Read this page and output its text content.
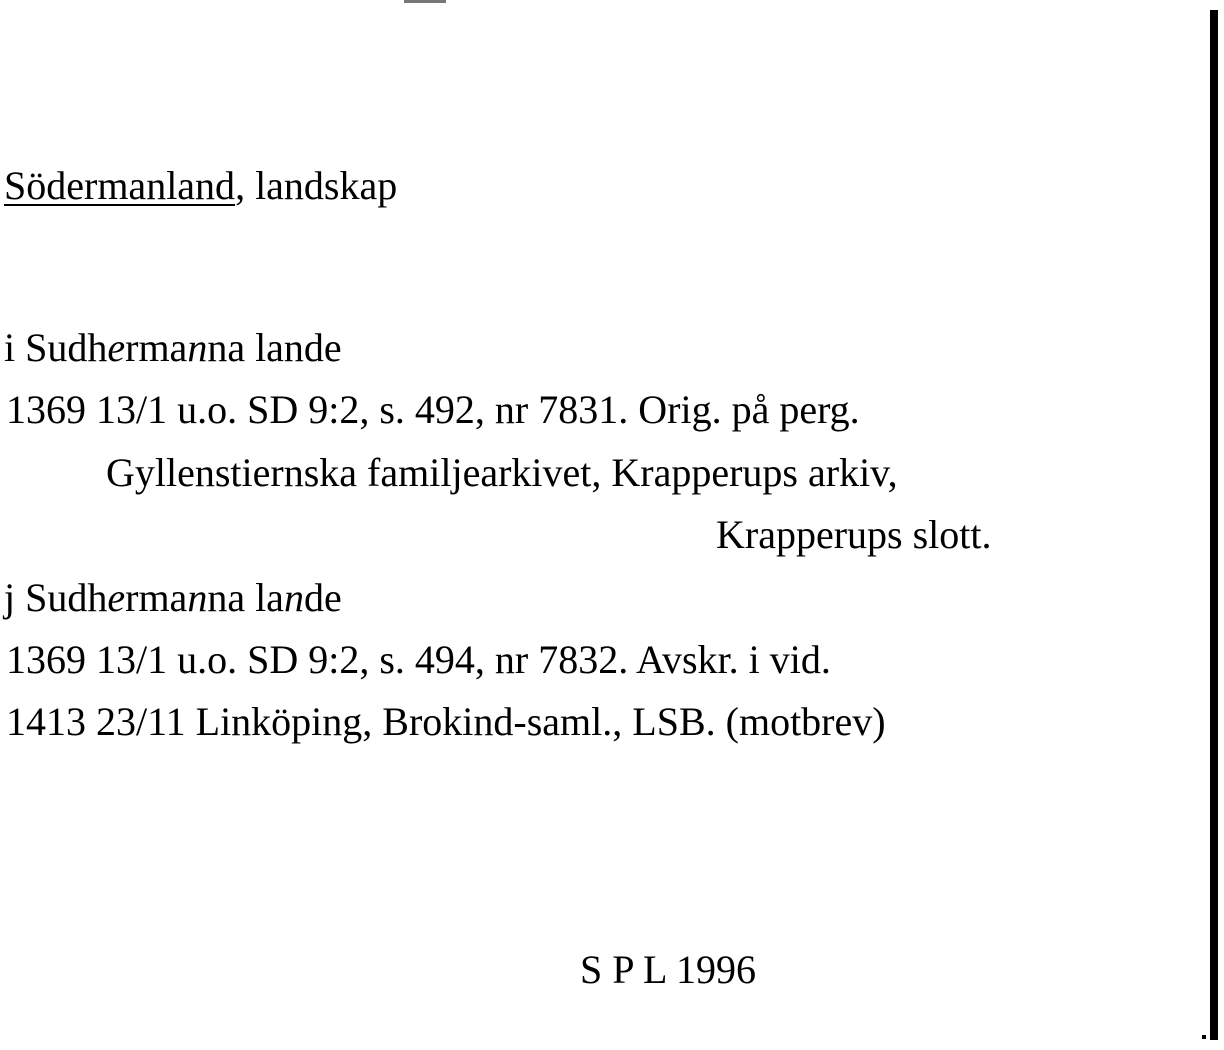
Södermanland, landskap
i Sudhermanna lande
1369 13/1 u.o. SD 9:2, s. 492, nr 7831. Orig. på perg.
Gyllenstiernska familjearkivet, Krapperups arkiv,
Krapperups slott.
j Sudhermanna lande
1369 13/1 u.o. SD 9:2, s. 494, nr 7832. Avskr. i vid.
1413 23/11 Linköping, Brokind-saml., LSB. (motbrev)
S P L 1996
